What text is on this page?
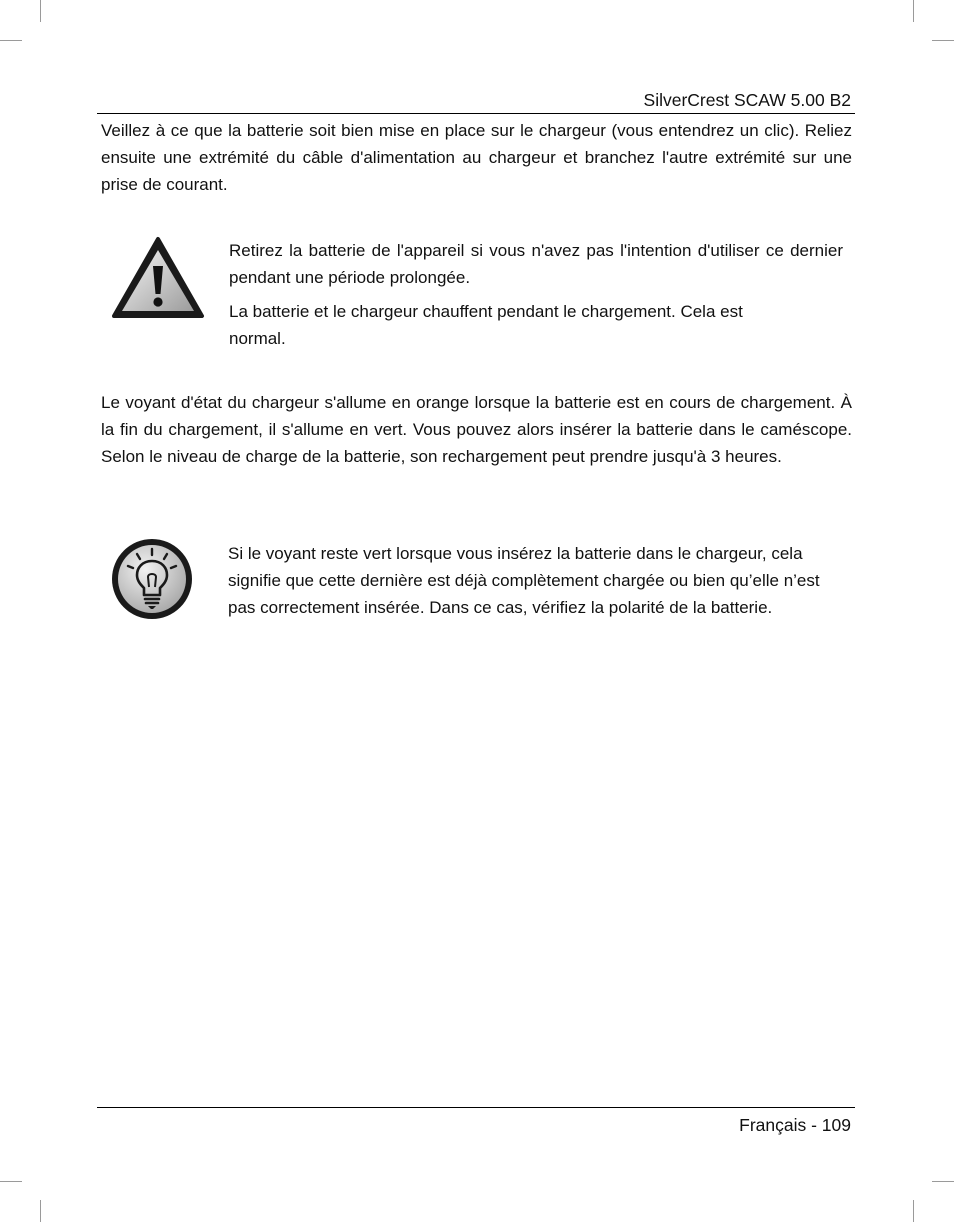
SilverCrest SCAW 5.00 B2

Veillez à ce que la batterie soit bien mise en place sur le chargeur (vous entendrez un clic). Reliez ensuite une extrémité du câble d'alimentation au chargeur et branchez l'autre extrémité sur une prise de courant.

Retirez la batterie de l'appareil si vous n'avez pas l'intention d'utiliser ce dernier pendant une période prolongée.

La batterie et le chargeur chauffent pendant le chargement. Cela est normal.

Le voyant d'état du chargeur s'allume en orange lorsque la batterie est en cours de chargement. À la fin du chargement, il s'allume en vert. Vous pouvez alors insérer la batterie dans le caméscope. Selon le niveau de charge de la batterie, son rechargement peut prendre jusqu'à 3 heures.

Si le voyant reste vert lorsque vous insérez la batterie dans le chargeur, cela signifie que cette dernière est déjà complètement chargée ou bien qu’elle n’est pas correctement insérée. Dans ce cas, vérifiez la polarité de la batterie.

Français - 109
